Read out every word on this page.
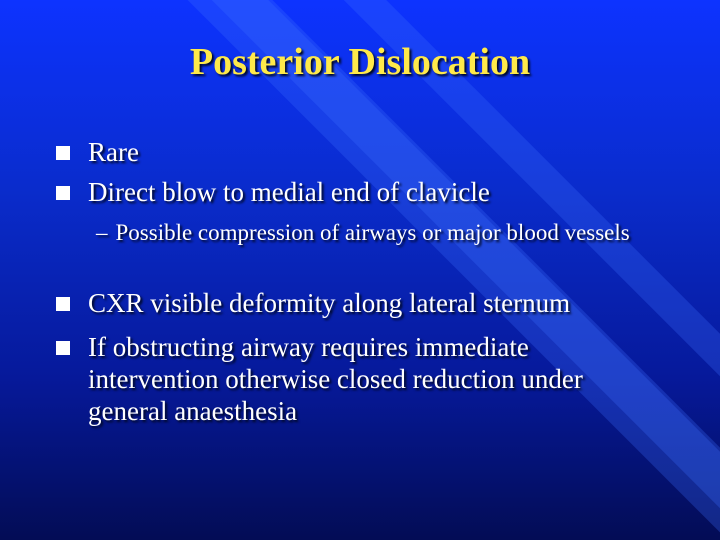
Posterior Dislocation
Rare
Direct blow to medial end of clavicle
– Possible compression of airways or major blood vessels
CXR visible deformity along lateral sternum
If obstructing airway requires immediate intervention otherwise closed reduction under general anaesthesia
